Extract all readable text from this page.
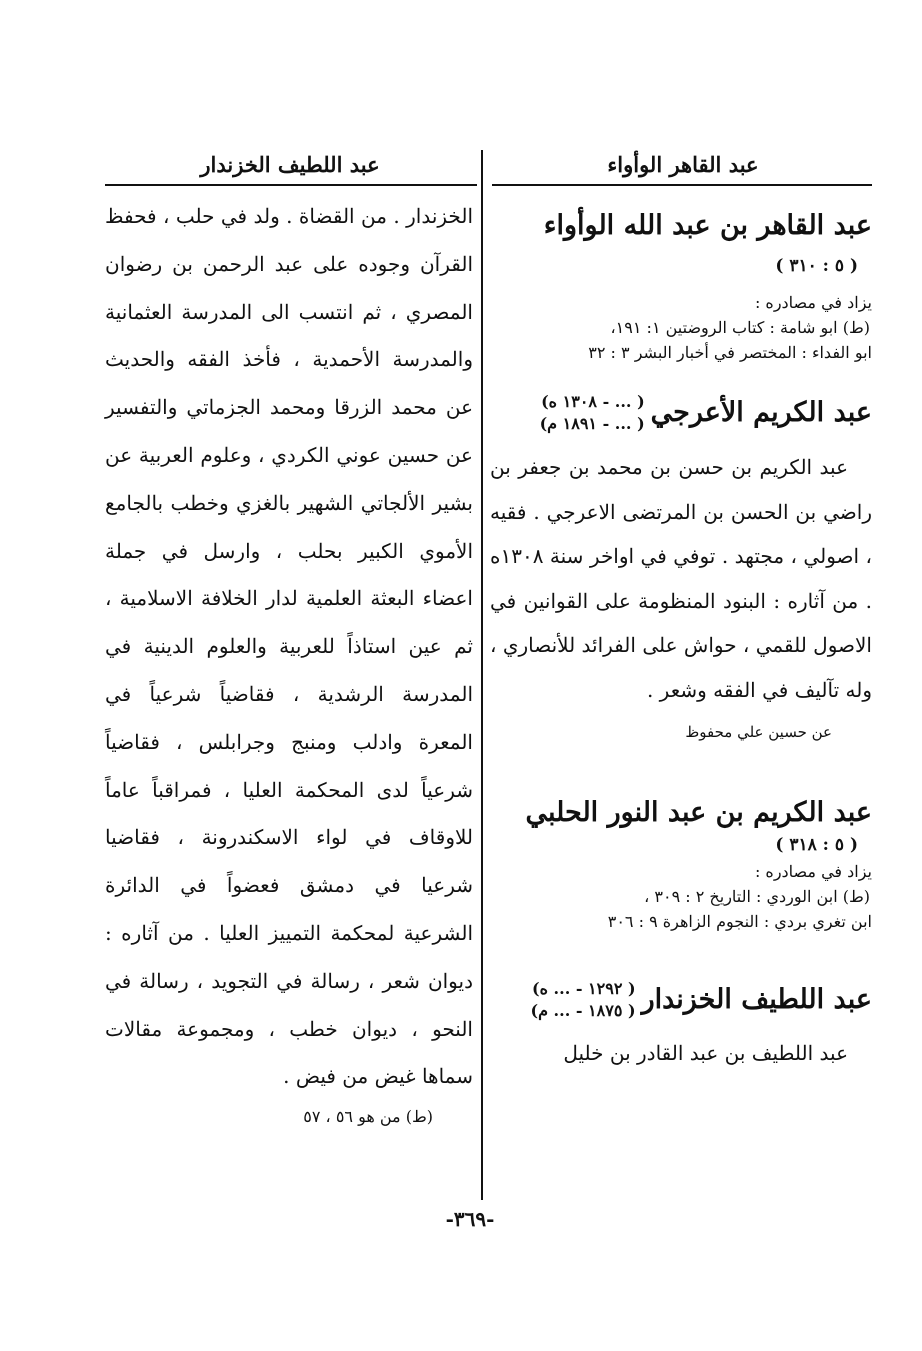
عبد القاهر الوأواء
عبد اللطيف الخزندار

عبد القاهر بن عبد الله الوأواء

( ٥ : ٣١٠ )

يزاد في مصادره :

(ط) ابو شامة : كتاب الروضتين ١: ١٩١،

ابو الفداء : المختصر في أخبار البشر ٣ : ٣٢

عبد الكريم الأعرجي
( ... - ١٣٠٨ ه)
( ... - ١٨٩١ م)

عبد الكريم بن حسن بن محمد بن جعفر بن راضي بن الحسن بن المرتضى الاعرجي . فقيه ، اصولي ، مجتهد . توفي في اواخر سنة ١٣٠٨ه . من آثاره : البنود المنظومة على القوانين في الاصول للقمي ، حواش على الفرائد للأنصاري ، وله تآليف في الفقه وشعر .

عن حسين علي محفوظ

عبد الكريم بن عبد النور الحلبي

( ٥ : ٣١٨ )

يزاد في مصادره :

(ط) ابن الوردي : التاريخ ٢ : ٣٠٩ ،

ابن تغري بردي : النجوم الزاهرة ٩ : ٣٠٦

عبد اللطيف الخزندار
( ١٢٩٢ - ... ه)
( ١٨٧٥ - ... م)

عبد اللطيف بن عبد القادر بن خليل

الخزندار . من القضاة . ولد في حلب ، فحفظ القرآن وجوده على عبد الرحمن بن رضوان المصري ، ثم انتسب الى المدرسة العثمانية والمدرسة الأحمدية ، فأخذ الفقه والحديث عن محمد الزرقا ومحمد الجزماتي والتفسير عن حسين عوني الكردي ، وعلوم العربية عن بشير الألجاتي الشهير بالغزي وخطب بالجامع الأموي الكبير بحلب ، وارسل في جملة اعضاء البعثة العلمية لدار الخلافة الاسلامية ، ثم عين استاذاً للعربية والعلوم الدينية في المدرسة الرشدية ، فقاضياً شرعياً في المعرة وادلب ومنبج وجرابلس ، فقاضياً شرعياً لدى المحكمة العليا ، فمراقباً عاماً للاوقاف في لواء الاسكندرونة ، فقاضيا شرعيا في دمشق فعضواً في الدائرة الشرعية لمحكمة التمييز العليا . من آثاره : ديوان شعر ، رسالة في التجويد ، رسالة في النحو ، ديوان خطب ، ومجموعة مقالات سماها غيض من فيض .

(ط) من هو ٥٦ ، ٥٧

-٣٦٩-
